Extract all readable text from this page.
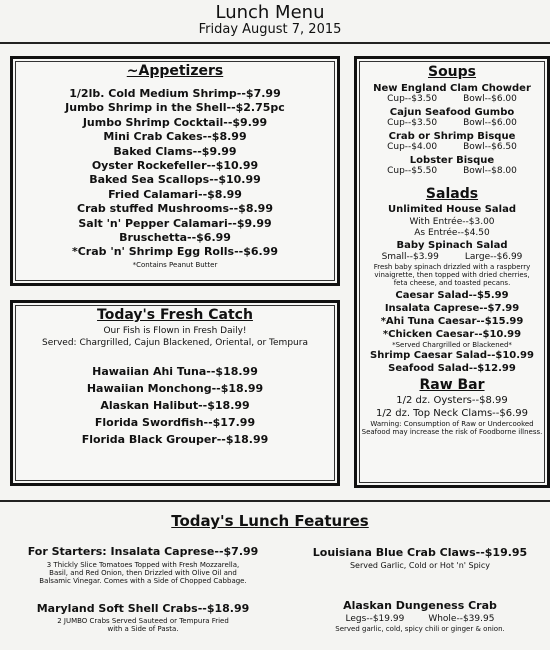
Lunch Menu
Friday August 7, 2015
~Appetizers
1/2lb. Cold Medium Shrimp--$7.99
Jumbo Shrimp in the Shell--$2.75pc
Jumbo Shrimp Cocktail--$9.99
Mini Crab Cakes--$8.99
Baked Clams--$9.99
Oyster Rockefeller--$10.99
Baked Sea Scallops--$10.99
Fried Calamari--$8.99
Crab stuffed Mushrooms--$8.99
Salt 'n' Pepper Calamari--$9.99
Bruschetta--$6.99
*Crab 'n' Shrimp Egg Rolls--$6.99
*Contains Peanut Butter
Today's Fresh Catch
Our Fish is Flown in Fresh Daily!
Served: Chargrilled, Cajun Blackened, Oriental, or Tempura
Hawaiian Ahi Tuna--$18.99
Hawaiian Monchong--$18.99
Alaskan Halibut--$18.99
Florida Swordfish--$17.99
Florida Black Grouper--$18.99
Soups
New England Clam Chowder
Cup--$3.50	Bowl--$6.00
Cajun Seafood Gumbo
Cup--$3.50	Bowl--$6.00
Crab or Shrimp Bisque
Cup--$4.00	Bowl--$6.50
Lobster Bisque
Cup--$5.50	Bowl--$8.00
Salads
Unlimited House Salad
With Entrée--$3.00
As Entrée--$4.50
Baby Spinach Salad
Small--$3.99	Large--$6.99
Fresh baby spinach drizzled with a raspberry
vinaigrette, then topped with dried cherries,
feta cheese, and toasted pecans.
Caesar Salad--$5.99
Insalata Caprese--$7.99
*Ahi Tuna Caesar--$15.99
*Chicken Caesar--$10.99
*Served Chargrilled or Blackened*
Shrimp Caesar Salad--$10.99
Seafood Salad--$12.99
Raw Bar
1/2 dz. Oysters--$8.99
1/2 dz. Top Neck Clams--$6.99
Warning: Consumption of Raw or Undercooked
Seafood may increase the risk of Foodborne illness.
Today's Lunch Features
For Starters: Insalata Caprese--$7.99
3 Thickly Slice Tomatoes Topped with Fresh Mozzarella,
Basil, and Red Onion, then Drizzled with Olive Oil and
Balsamic Vinegar. Comes with a Side of Chopped Cabbage.
Louisiana Blue Crab Claws--$19.95
Served Garlic, Cold or Hot 'n' Spicy
Maryland Soft Shell Crabs--$18.99
2 JUMBO Crabs Served Sauteed or Tempura Fried
with a Side of Pasta.
Alaskan Dungeness Crab
Legs--$19.99	Whole--$39.95
Served garlic, cold, spicy chili or ginger & onion.
